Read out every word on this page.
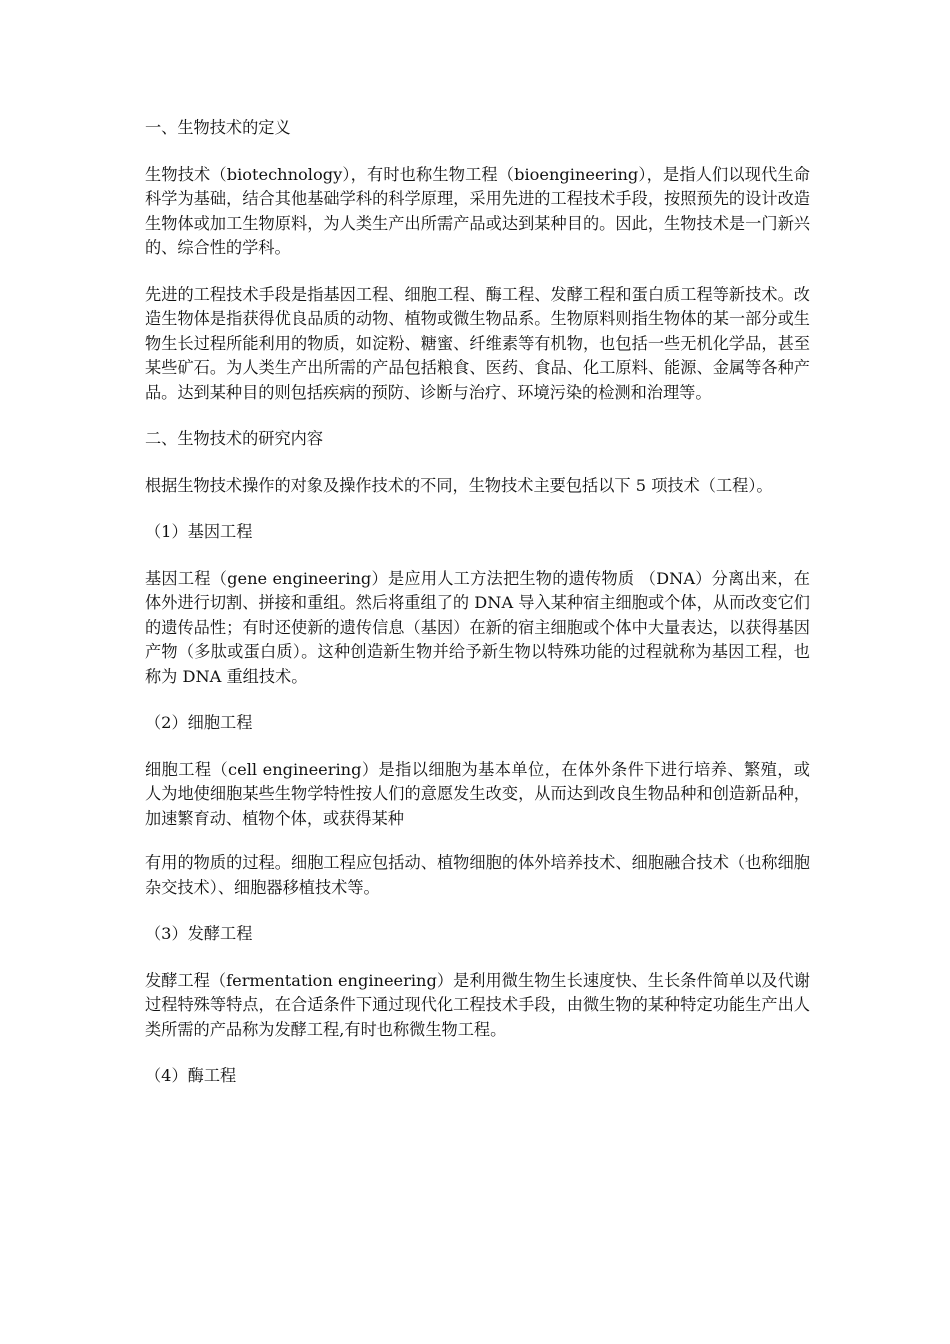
一、生物技术的定义

生物技术（biotechnology），有时也称生物工程（bioengineering），是指人们以现代生命科学为基础，结合其他基础学科的科学原理，采用先进的工程技术手段，按照预先的设计改造生物体或加工生物原料，为人类生产出所需产品或达到某种目的。因此，生物技术是一门新兴的、综合性的学科。

先进的工程技术手段是指基因工程、细胞工程、酶工程、发酵工程和蛋白质工程等新技术。改造生物体是指获得优良品质的动物、植物或微生物品系。生物原料则指生物体的某一部分或生物生长过程所能利用的物质，如淀粉、糖蜜、纤维素等有机物，也包括一些无机化学品，甚至某些矿石。为人类生产出所需的产品包括粮食、医药、食品、化工原料、能源、金属等各种产品。达到某种目的则包括疾病的预防、诊断与治疗、环境污染的检测和治理等。

二、生物技术的研究内容

根据生物技术操作的对象及操作技术的不同，生物技术主要包括以下 5 项技术（工程）。

（1）基因工程

基因工程（gene engineering）是应用人工方法把生物的遗传物质 （DNA）分离出来，在体外进行切割、拼接和重组。然后将重组了的 DNA 导入某种宿主细胞或个体，从而改变它们的遗传品性；有时还使新的遗传信息（基因）在新的宿主细胞或个体中大量表达，以获得基因产物（多肽或蛋白质）。这种创造新生物并给予新生物以特殊功能的过程就称为基因工程，也称为 DNA 重组技术。

（2）细胞工程

细胞工程（cell engineering）是指以细胞为基本单位，在体外条件下进行培养、繁殖，或人为地使细胞某些生物学特性按人们的意愿发生改变，从而达到改良生物品种和创造新品种，加速繁育动、植物个体，或获得某种

有用的物质的过程。细胞工程应包括动、植物细胞的体外培养技术、细胞融合技术（也称细胞杂交技术）、细胞器移植技术等。

（3）发酵工程

发酵工程（fermentation engineering）是利用微生物生长速度快、生长条件简单以及代谢过程特殊等特点，在合适条件下通过现代化工程技术手段，由微生物的某种特定功能生产出人类所需的产品称为发酵工程,有时也称微生物工程。

（4）酶工程
